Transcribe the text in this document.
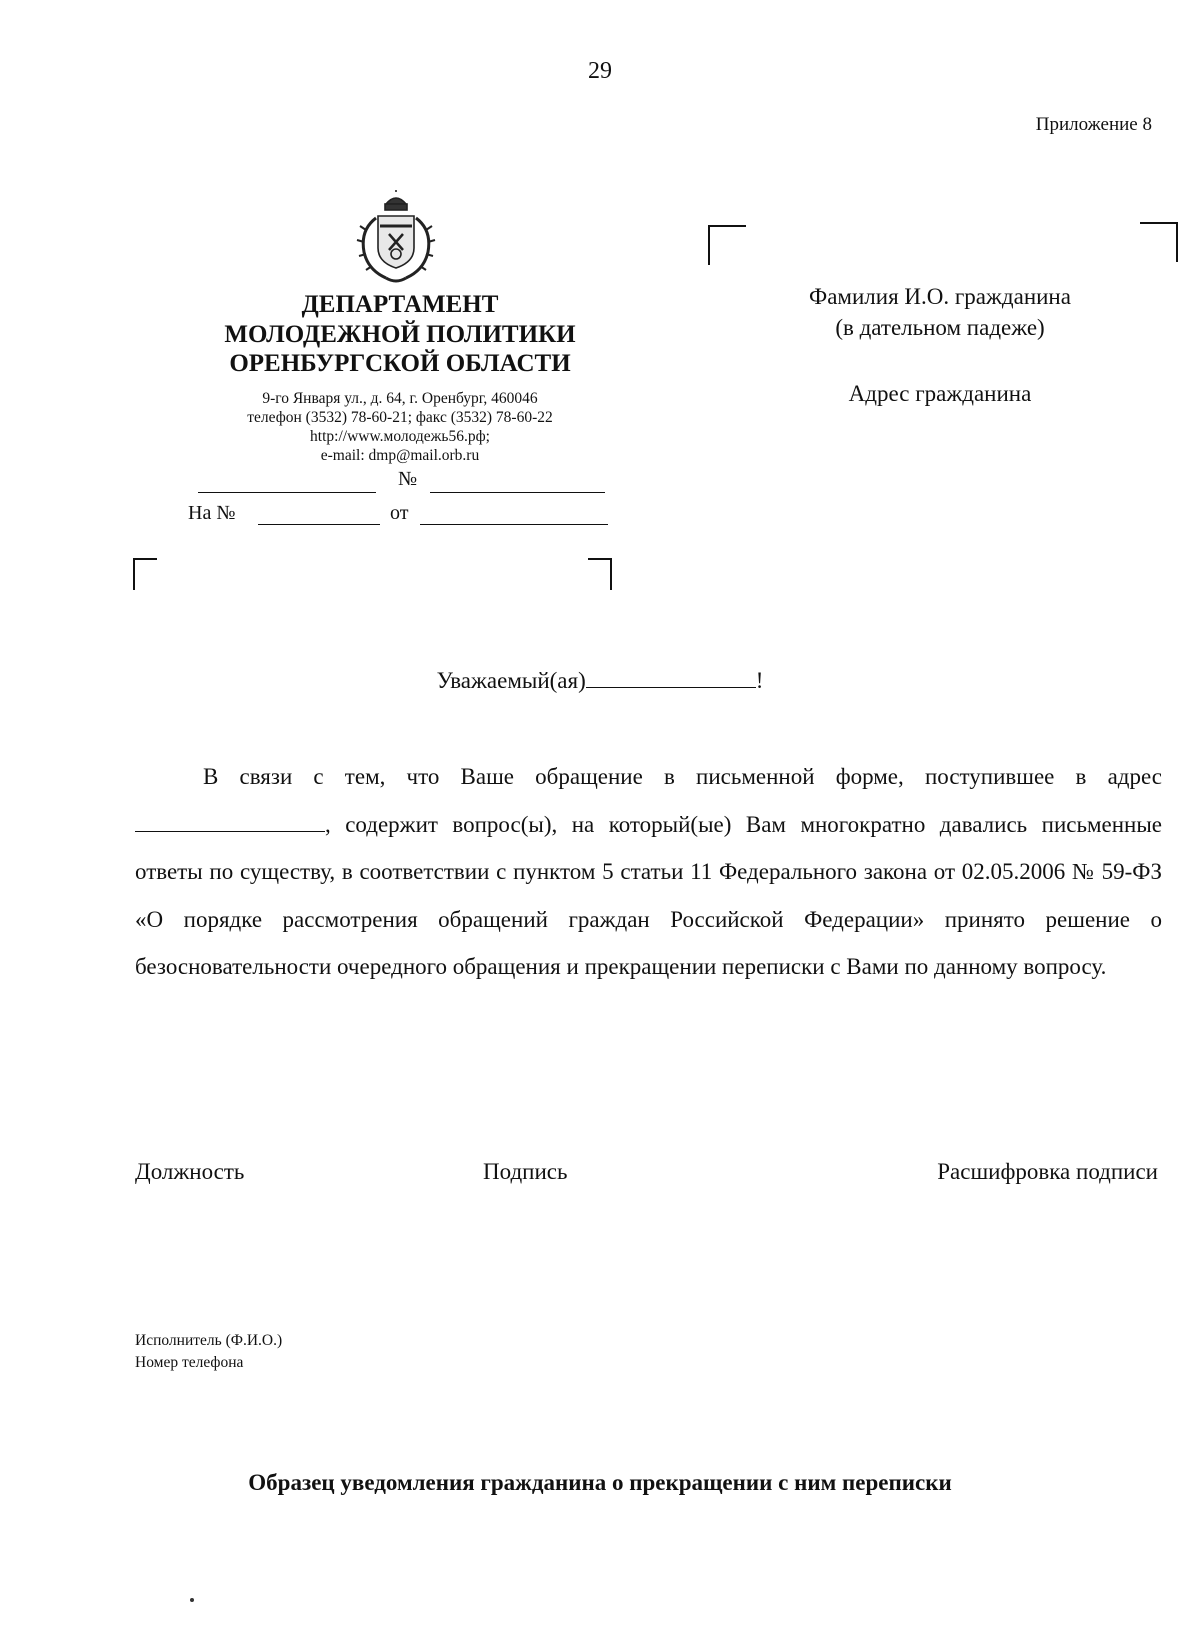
29
Приложение 8
ДЕПАРТАМЕНТ
МОЛОДЕЖНОЙ ПОЛИТИКИ
ОРЕНБУРГСКОЙ ОБЛАСТИ
9-го Января ул., д. 64, г. Оренбург, 460046
телефон (3532) 78-60-21; факс (3532) 78-60-22
http://www.молодежь56.рф;
e-mail: dmp@mail.orb.ru
№
На №	от
Фамилия И.О. гражданина
(в дательном падеже)
Адрес гражданина
Уважаемый(ая)	!
В связи с тем, что Ваше обращение в письменной форме, поступившее в адрес , содержит вопрос(ы), на который(ые) Вам многократно давались письменные ответы по существу, в соответствии с пунктом 5 статьи 11 Федерального закона от 02.05.2006 № 59-ФЗ «О порядке рассмотрения обращений граждан Российской Федерации» принято решение о безосновательности очередного обращения и прекращении переписки с Вами по данному вопросу.
Должность	Подпись	Расшифровка подписи
Исполнитель (Ф.И.О.)
Номер телефона
Образец уведомления гражданина о прекращении с ним переписки
